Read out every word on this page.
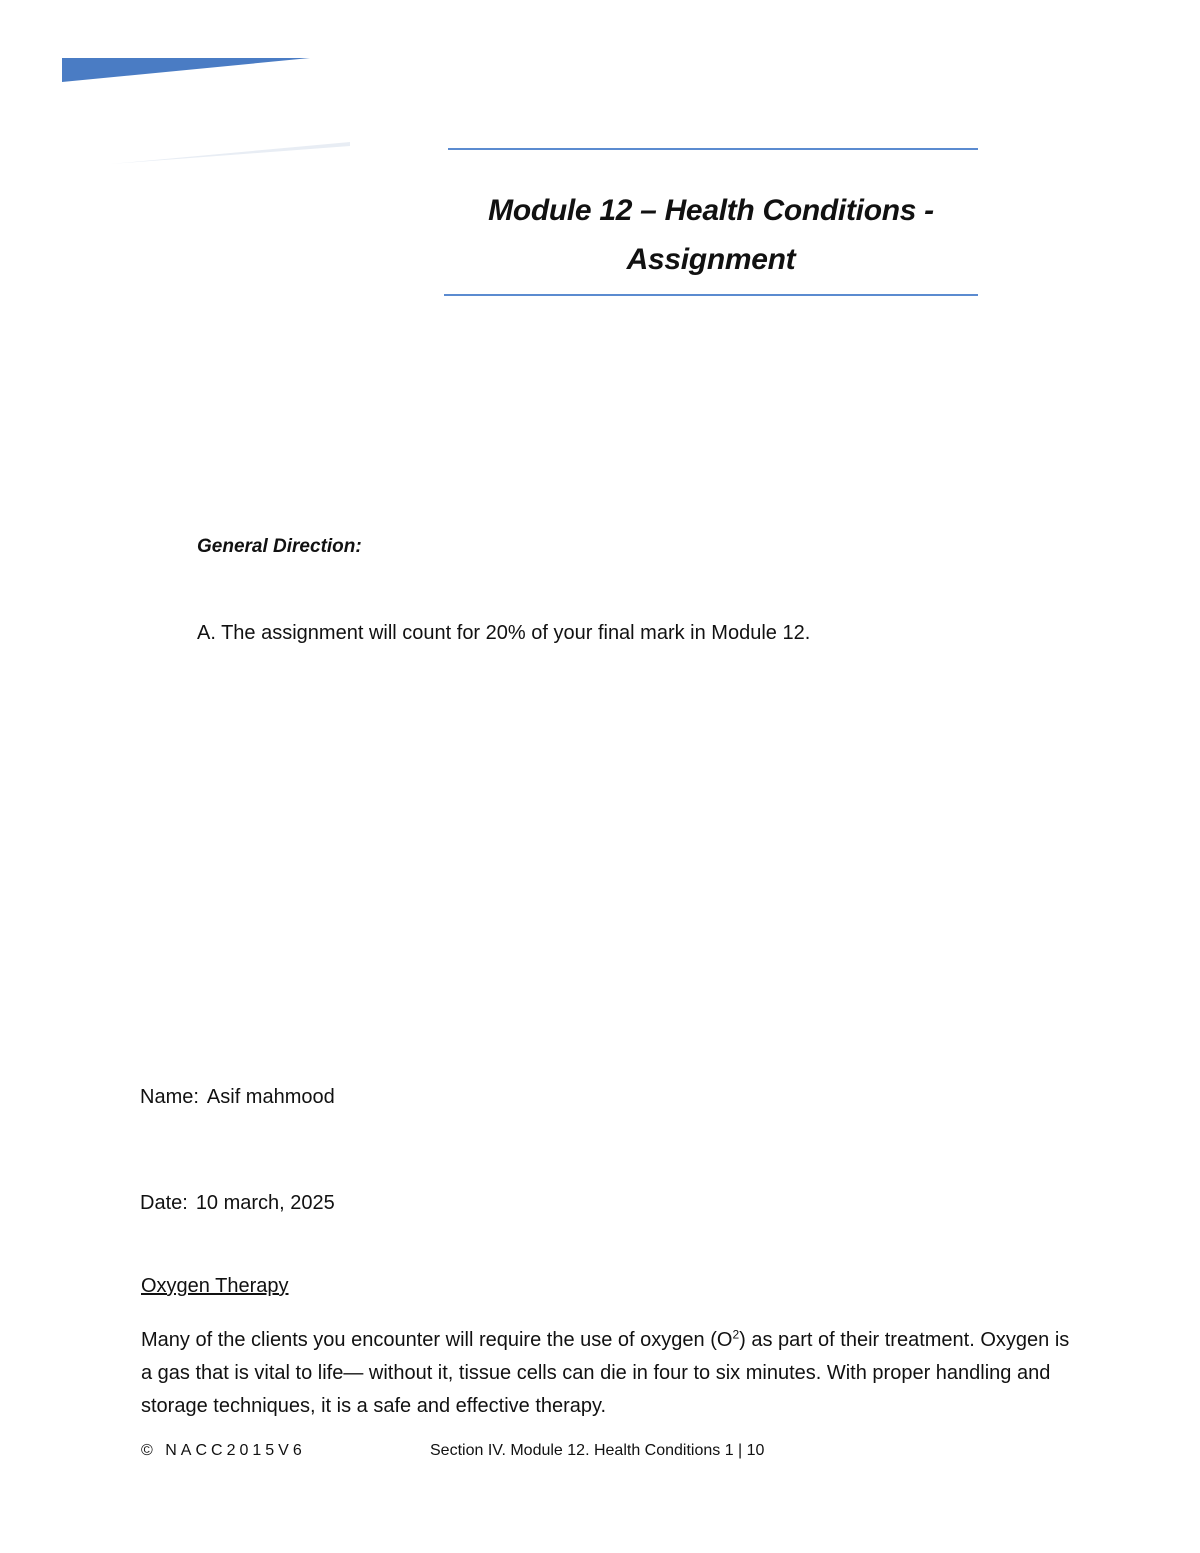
Module 12 – Health Conditions -
Assignment
General Direction:
A. The assignment will count for 20% of your final mark in Module 12.
Name: Asif mahmood
Date: 10 march, 2025
Oxygen Therapy
Many of the clients you encounter will require the use of oxygen $(O^2)$ as part of their treatment. Oxygen is a gas that is vital to life— without it, tissue cells can die in four to six minutes. With proper handling and storage techniques, it is a safe and effective therapy.
© NACC2015V6	Section IV. Module 12. Health Conditions 1 | 10
